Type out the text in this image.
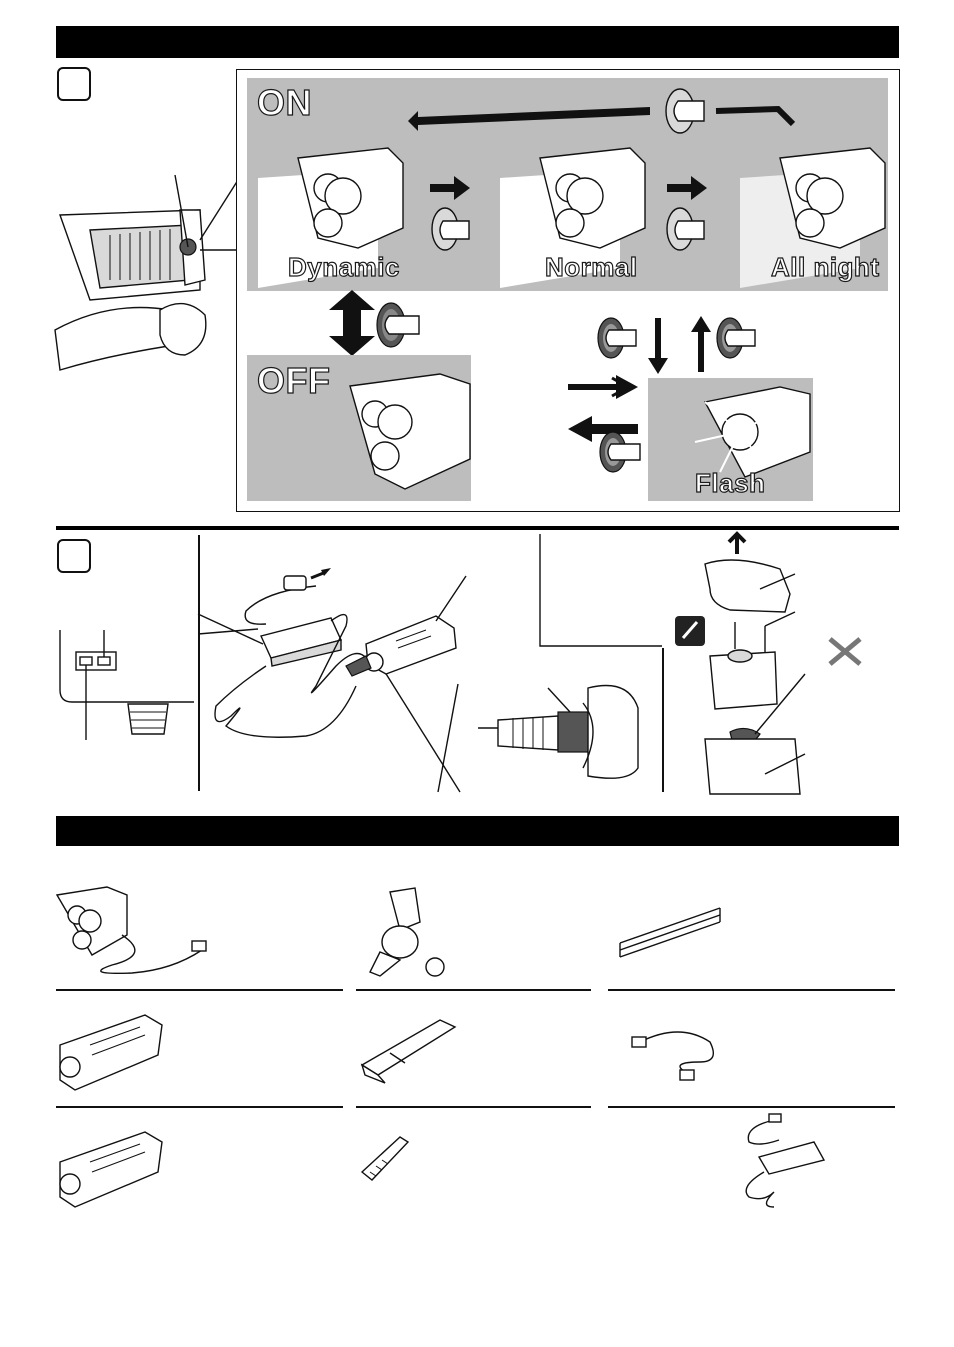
ON
Dynamic	Normal	All night
OFF
Flash
